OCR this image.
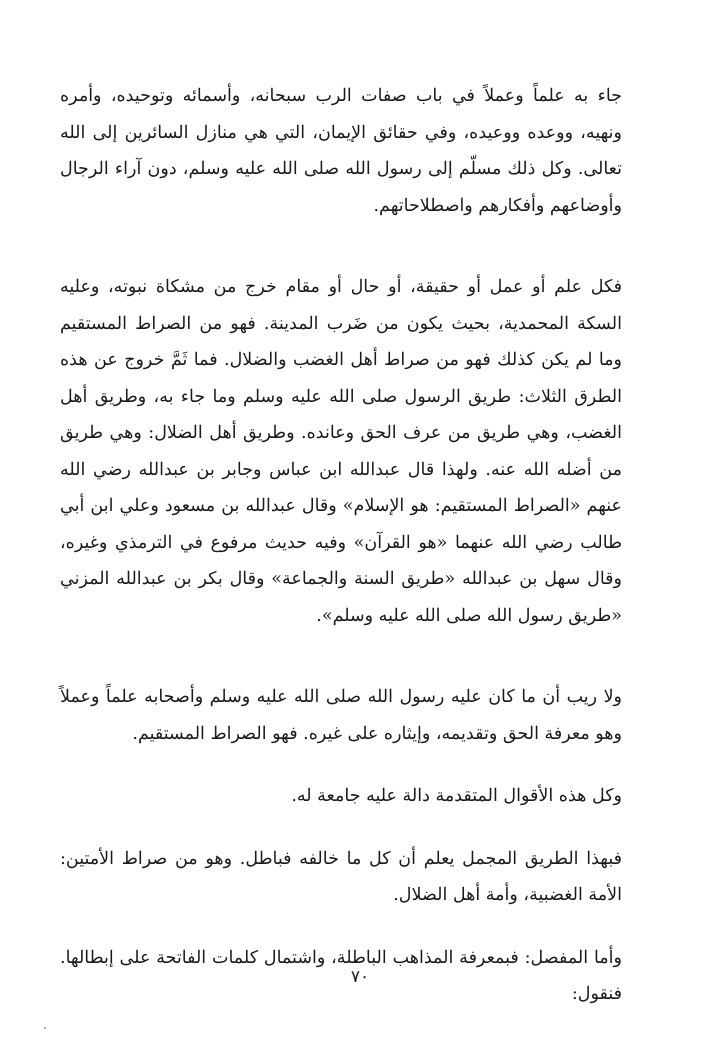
جاء به علماً وعملاً في باب صفات الرب سبحانه، وأسمائه وتوحيده، وأمره ونهيه، ووعده ووعيده، وفي حقائق الإيمان، التي هي منازل السائرين إلى الله تعالى. وكل ذلك مسلّم إلى رسول الله صلى الله عليه وسلم، دون آراء الرجال وأوضاعهم وأفكارهم واصطلاحاتهم.

فكل علم أو عمل أو حقيقة، أو حال أو مقام خرج من مشكاة نبوته، وعليه السكة المحمدية، بحيث يكون من ضَرب المدينة. فهو من الصراط المستقيم وما لم يكن كذلك فهو من صراط أهل الغضب والضلال. فما ثَمَّ خروج عن هذه الطرق الثلاث: طريق الرسول صلى الله عليه وسلم وما جاء به، وطريق أهل الغضب، وهي طريق من عرف الحق وعانده. وطريق أهل الضلال: وهي طريق من أضله الله عنه. ولهذا قال عبدالله ابن عباس وجابر بن عبدالله رضي الله عنهم «الصراط المستقيم: هو الإسلام» وقال عبدالله بن مسعود وعلي ابن أبي طالب رضي الله عنهما «هو القرآن» وفيه حديث مرفوع في الترمذي وغيره، وقال سهل بن عبدالله «طريق السنة والجماعة» وقال بكر بن عبدالله المزني «طريق رسول الله صلى الله عليه وسلم».

ولا ريب أن ما كان عليه رسول الله صلى الله عليه وسلم وأصحابه علماً وعملاً وهو معرفة الحق وتقديمه، وإيثاره على غيره. فهو الصراط المستقيم.

وكل هذه الأقوال المتقدمة دالة عليه جامعة له.

فبهذا الطريق المجمل يعلم أن كل ما خالفه فباطل. وهو من صراط الأمتين: الأمة الغضبية، وأمة أهل الضلال.

وأما المفصل: فبمعرفة المذاهب الباطلة، واشتمال كلمات الفاتحة على إبطالها. فنقول:

٧٠
